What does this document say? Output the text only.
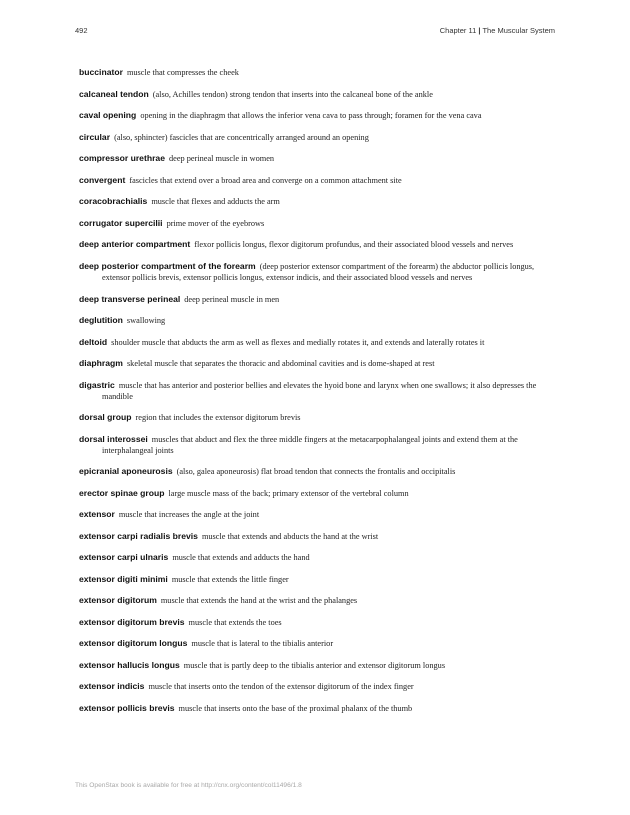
492	Chapter 11 | The Muscular System

buccinator muscle that compresses the cheek

calcaneal tendon (also, Achilles tendon) strong tendon that inserts into the calcaneal bone of the ankle

caval opening opening in the diaphragm that allows the inferior vena cava to pass through; foramen for the vena cava

circular (also, sphincter) fascicles that are concentrically arranged around an opening

compressor urethrae deep perineal muscle in women

convergent fascicles that extend over a broad area and converge on a common attachment site

coracobrachialis muscle that flexes and adducts the arm

corrugator supercilii prime mover of the eyebrows

deep anterior compartment flexor pollicis longus, flexor digitorum profundus, and their associated blood vessels and nerves

deep posterior compartment of the forearm (deep posterior extensor compartment of the forearm) the abductor pollicis longus, extensor pollicis brevis, extensor pollicis longus, extensor indicis, and their associated blood vessels and nerves

deep transverse perineal deep perineal muscle in men

deglutition swallowing

deltoid shoulder muscle that abducts the arm as well as flexes and medially rotates it, and extends and laterally rotates it

diaphragm skeletal muscle that separates the thoracic and abdominal cavities and is dome-shaped at rest

digastric muscle that has anterior and posterior bellies and elevates the hyoid bone and larynx when one swallows; it also depresses the mandible

dorsal group region that includes the extensor digitorum brevis

dorsal interossei muscles that abduct and flex the three middle fingers at the metacarpophalangeal joints and extend them at the interphalangeal joints

epicranial aponeurosis (also, galea aponeurosis) flat broad tendon that connects the frontalis and occipitalis

erector spinae group large muscle mass of the back; primary extensor of the vertebral column

extensor muscle that increases the angle at the joint

extensor carpi radialis brevis muscle that extends and abducts the hand at the wrist

extensor carpi ulnaris muscle that extends and adducts the hand

extensor digiti minimi muscle that extends the little finger

extensor digitorum muscle that extends the hand at the wrist and the phalanges

extensor digitorum brevis muscle that extends the toes

extensor digitorum longus muscle that is lateral to the tibialis anterior

extensor hallucis longus muscle that is partly deep to the tibialis anterior and extensor digitorum longus

extensor indicis muscle that inserts onto the tendon of the extensor digitorum of the index finger

extensor pollicis brevis muscle that inserts onto the base of the proximal phalanx of the thumb

This OpenStax book is available for free at http://cnx.org/content/col11496/1.8
